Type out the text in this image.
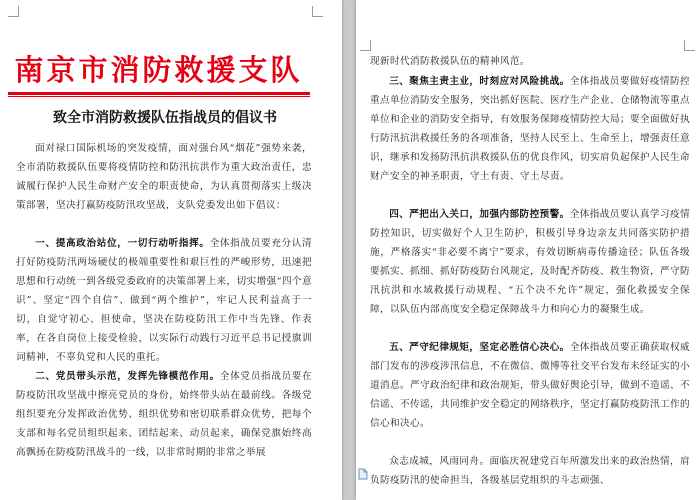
南京市消防救援支队
致全市消防救援队伍指战员的倡议书

面对禄口国际机场的突发疫情，面对强台风“烟花”强势来袭，全市消防救援队伍要将疫情防控和防汛抗洪作为重大政治责任，忠诚履行保护人民生命财产安全的职责使命，为认真贯彻落实上级决策部署，坚决打赢防疫防汛攻坚战，支队党委发出如下倡议：

一、提高政治站位，一切行动听指挥。全体指战员要充分认清打好防疫防汛两场硬仗的极端重要性和艰巨性的严峻形势，迅速把思想和行动统一到各级党委政府的决策部署上来，切实增强“四个意识”、坚定“四个自信”、做到“两个维护”，牢记人民利益高于一切，自觉守初心、担使命，坚决在防疫防汛工作中当先锋、作表率，在各自岗位上接受检验，以实际行动践行习近平总书记授旗训词精神，不辜负党和人民的重托。

二、党员带头示范，发挥先锋模范作用。全体党员指战员要在防疫防汛攻坚战中擦亮党员的身份，始终带头站在最前线。各级党组织要充分发挥政治优势、组织优势和密切联系群众优势，把每个支部和每名党员组织起来、团结起来、动员起来，确保党旗始终高高飘扬在防疫防汛战斗的一线，以非常时期的非常之举展

现新时代消防救援队伍的精神风范。

三、聚焦主责主业，时刻应对风险挑战。全体指战员要做好疫情防控重点单位消防安全服务，突出抓好医院、医疗生产企业、仓储物流等重点单位和企业的消防安全指导，有效服务保障疫情防控大局；要全面做好执行防汛抗洪救援任务的各项准备，坚持人民至上、生命至上，增强责任意识，继承和发扬防汛抗洪救援队伍的优良作风，切实肩负起保护人民生命财产安全的神圣职责，守土有责、守土尽责。

四、严把出入关口，加强内部防控预警。全体指战员要认真学习疫情防控知识，切实做好个人卫生防护，积极引导身边亲友共同落实防护措施，严格落实“非必要不离宁”要求，有效切断病毒传播途径；队伍各级要抓实、抓细、抓好防疫防台风规定，及时配齐防疫、救生物资，严守防汛抗洪和水域救援行动规程、“五个决不允许”规定，强化救援安全保障，以队伍内部高度安全稳定保障战斗力和向心力的凝聚生成。

五、严守纪律规矩，坚定必胜信心决心。全体指战员要正确获取权威部门发布的涉疫涉汛信息，不在微信、微博等社交平台发布未经证实的小道消息。严守政治纪律和政治规矩，带头做好舆论引导，做到不造谣、不信谣、不传谣，共同维护安全稳定的网络秩序，坚定打赢防疫防汛工作的信心和决心。

众志成城，风雨同舟。面临庆祝建党百年所激发出来的政治热情，肩负防疫防汛的使命担当，各级基层党组织的斗志顽强、
